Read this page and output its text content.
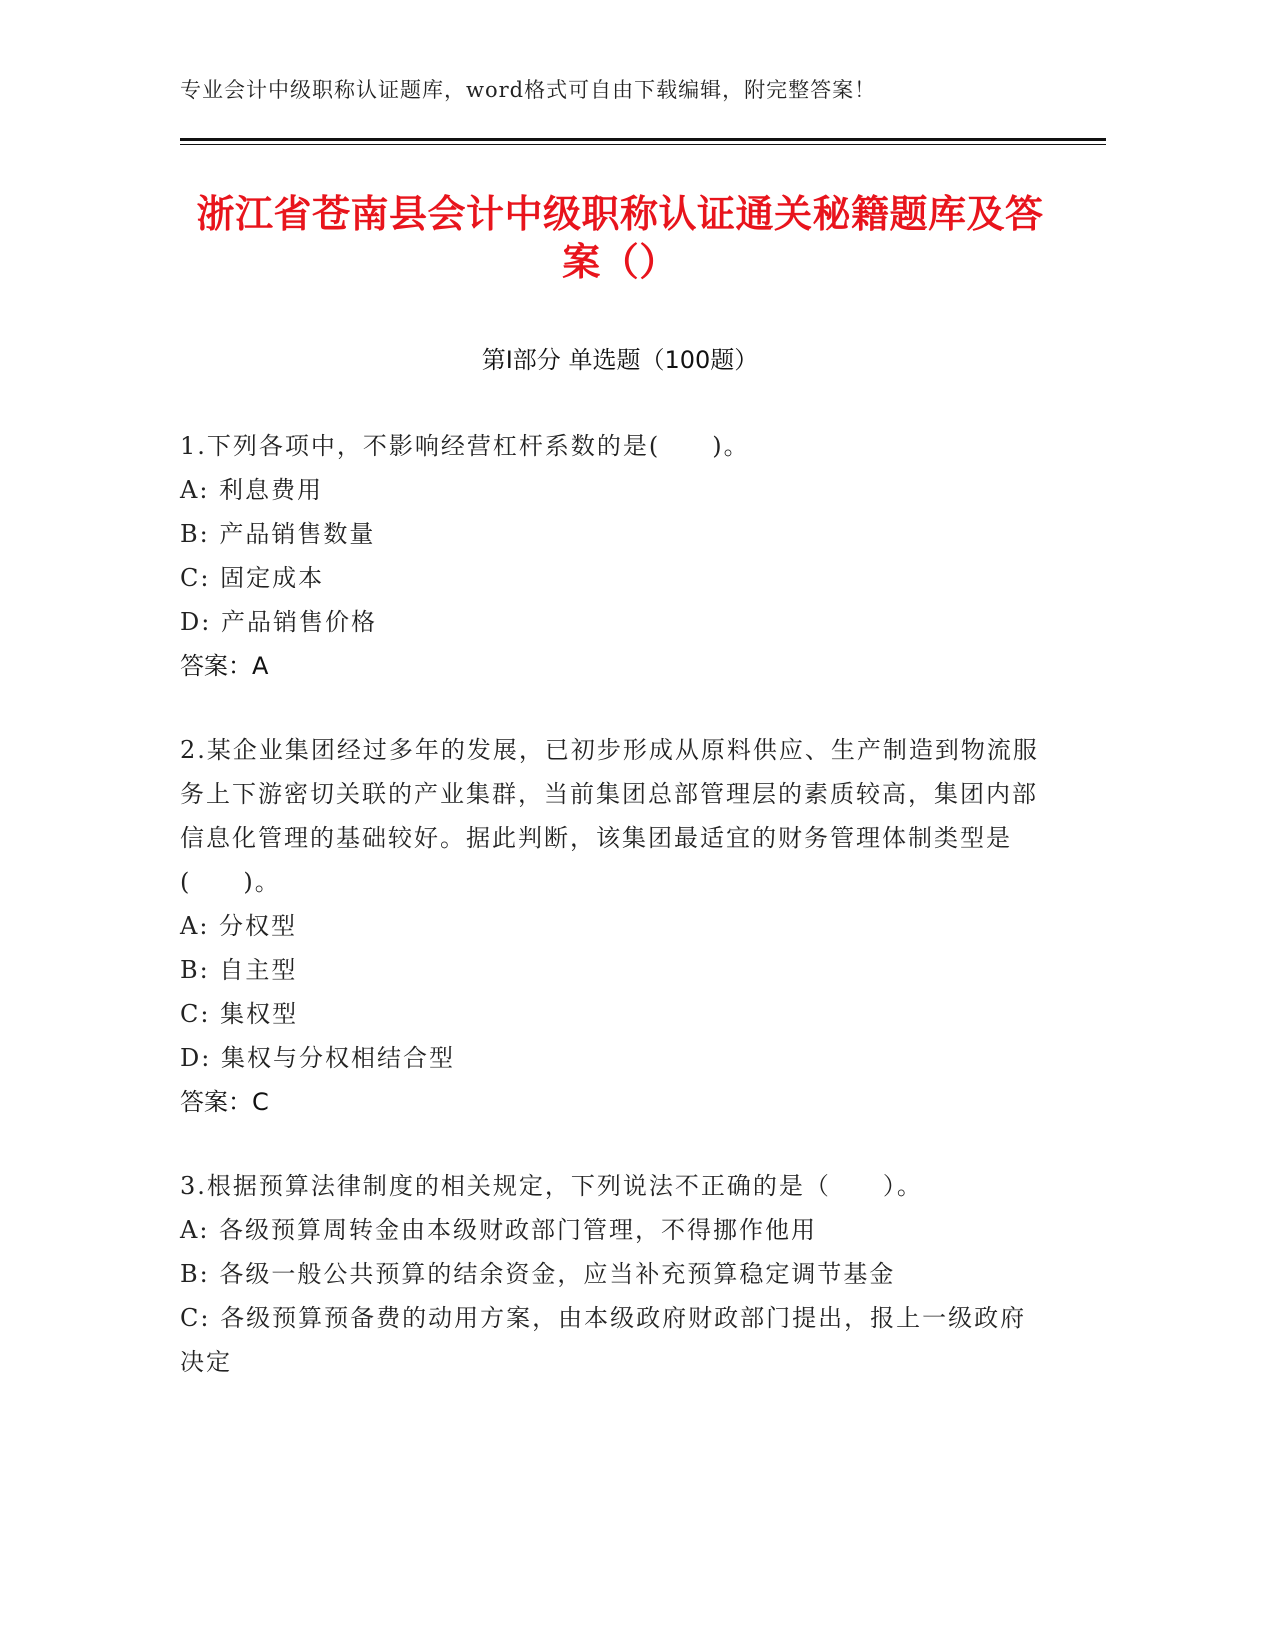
专业会计中级职称认证题库，word格式可自由下载编辑，附完整答案！
浙江省苍南县会计中级职称认证通关秘籍题库及答案（）
第Ⅰ部分 单选题（100题）
1.下列各项中，不影响经营杠杆系数的是(　　)。
A: 利息费用
B: 产品销售数量
C: 固定成本
D: 产品销售价格
答案：A
2.某企业集团经过多年的发展，已初步形成从原料供应、生产制造到物流服务上下游密切关联的产业集群，当前集团总部管理层的素质较高，集团内部信息化管理的基础较好。据此判断，该集团最适宜的财务管理体制类型是(　　)。
A: 分权型
B: 自主型
C: 集权型
D: 集权与分权相结合型
答案：C
3.根据预算法律制度的相关规定，下列说法不正确的是（　　）。
A: 各级预算周转金由本级财政部门管理，不得挪作他用
B: 各级一般公共预算的结余资金，应当补充预算稳定调节基金
C: 各级预算预备费的动用方案，由本级政府财政部门提出，报上一级政府决定
